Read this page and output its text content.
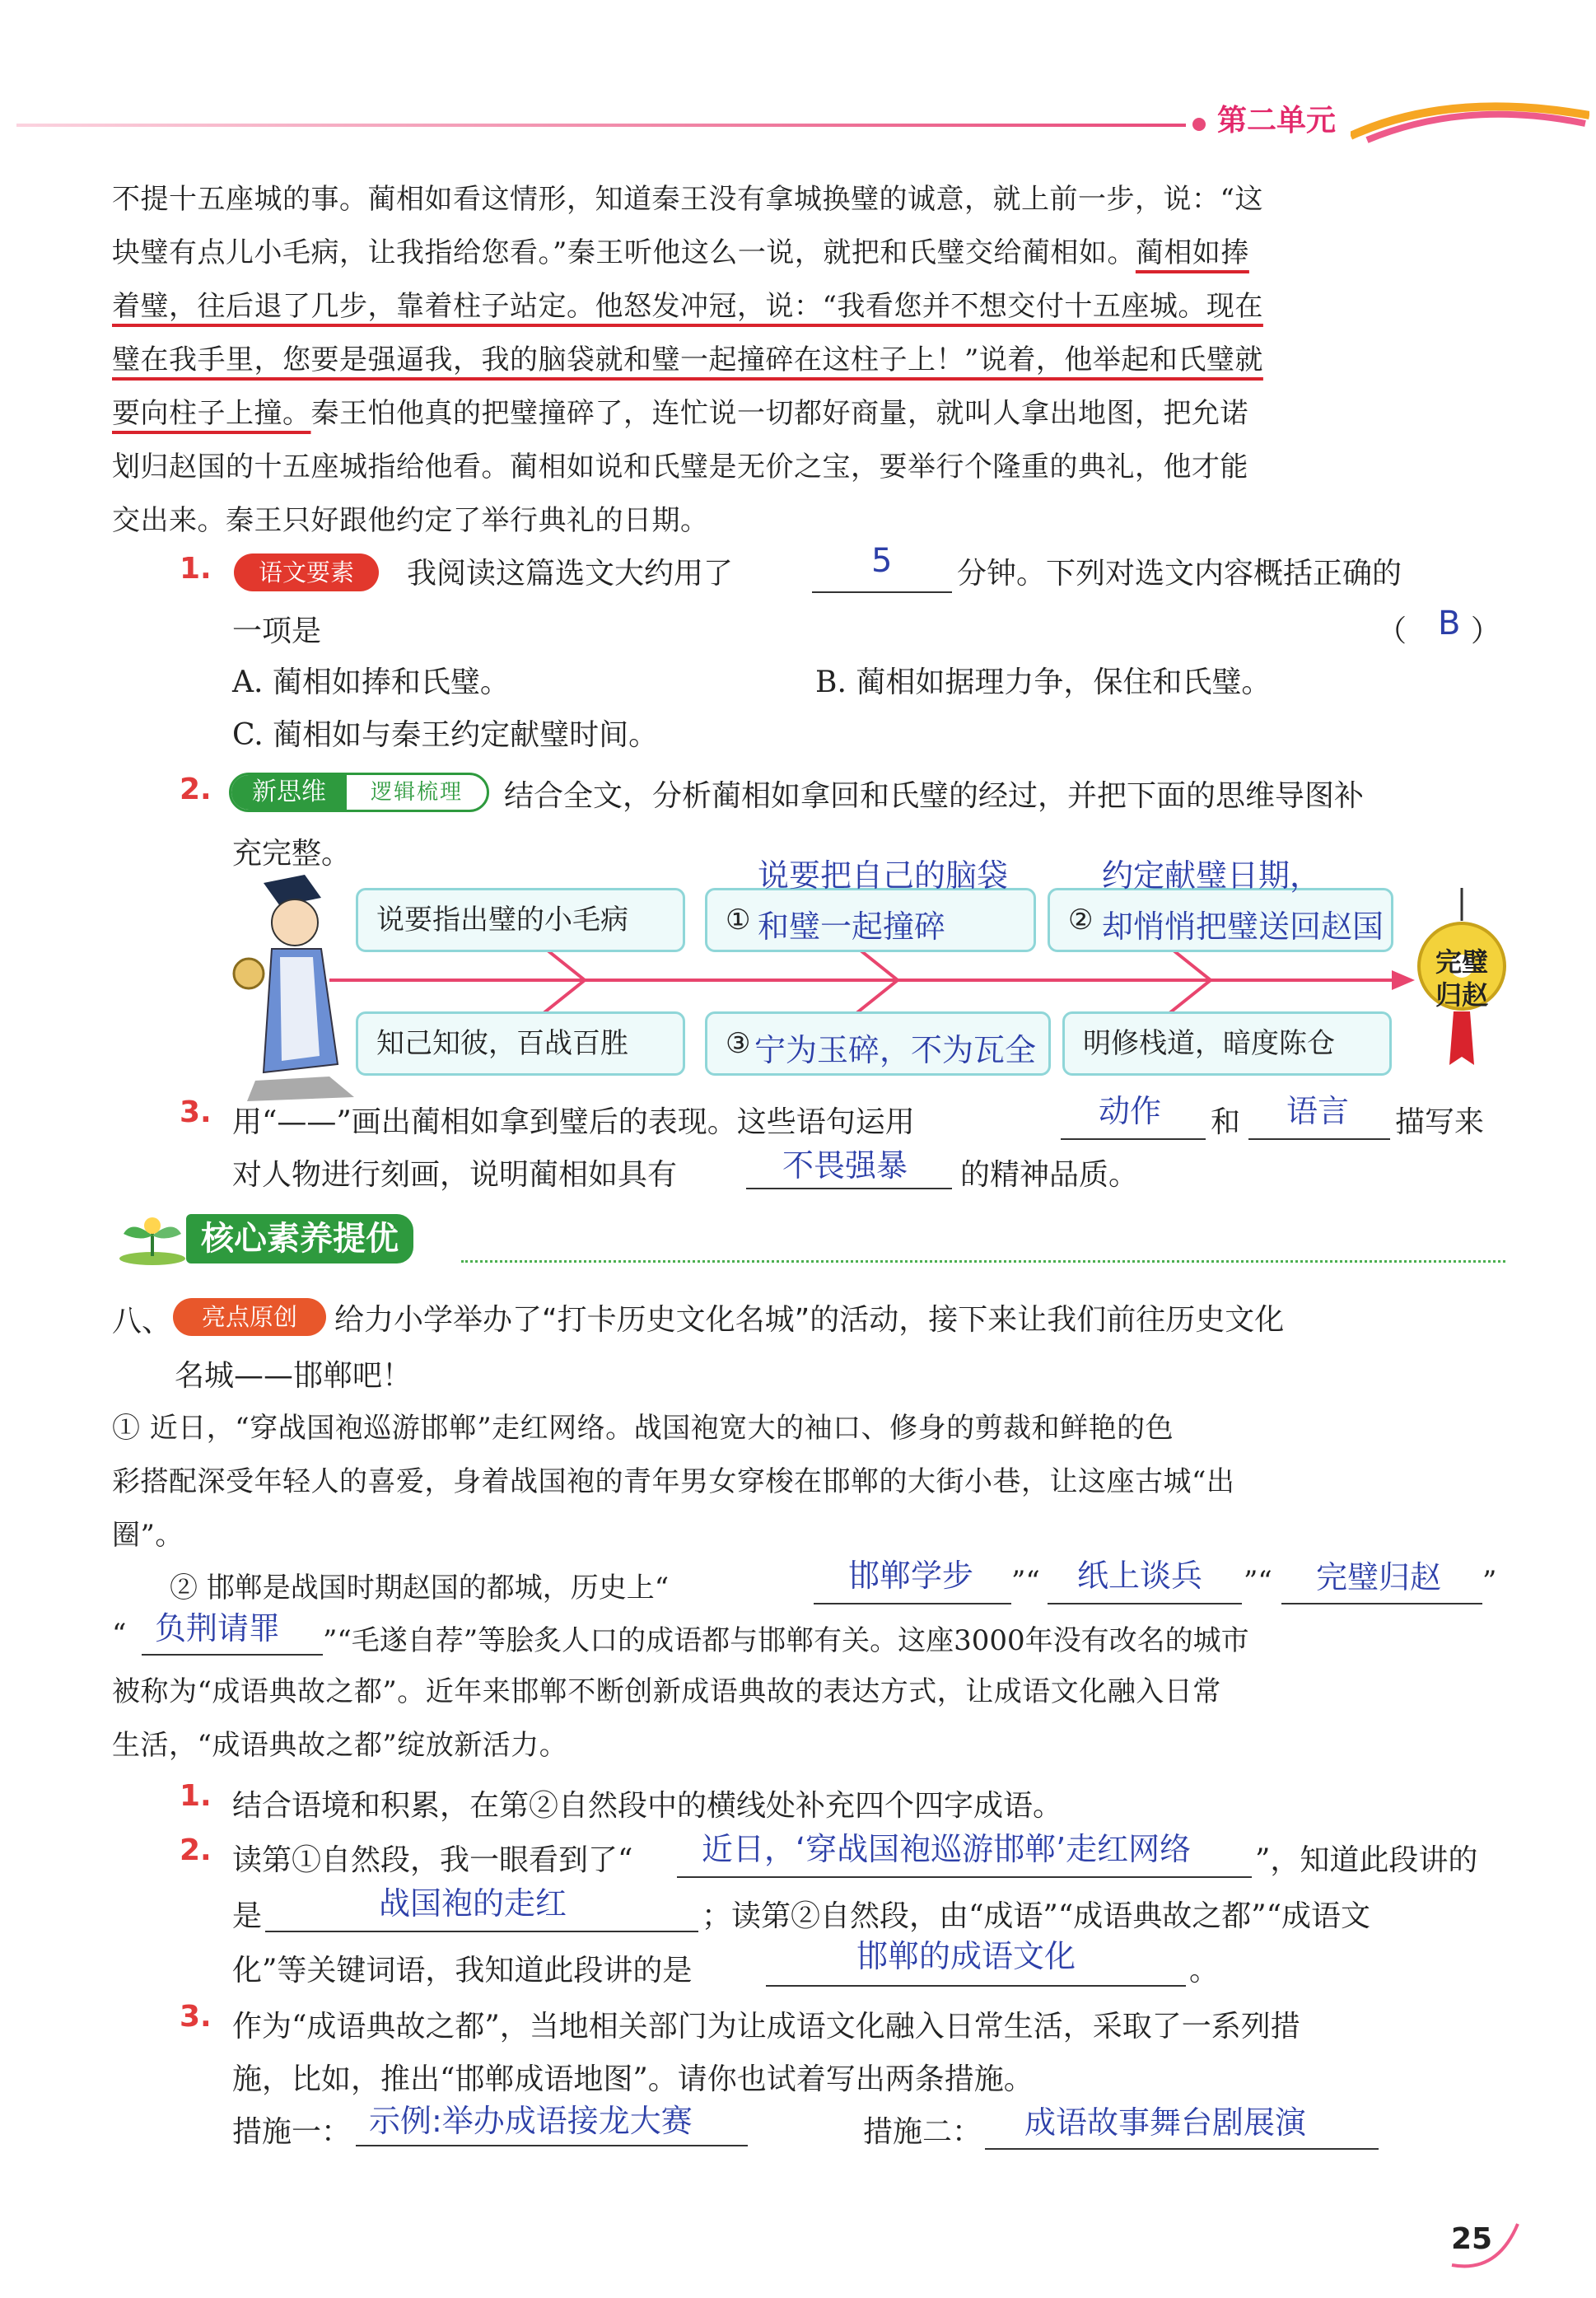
第二单元
不提十五座城的事。蔺相如看这情形，知道秦王没有拿城换璧的诚意，就上前一步，说：“这
块璧有点儿小毛病，让我指给您看。”秦王听他这么一说，就把和氏璧交给蔺相如。蔺相如捧
着璧，往后退了几步，靠着柱子站定。他怒发冲冠，说：“我看您并不想交付十五座城。现在
璧在我手里，您要是强逼我，我的脑袋就和璧一起撞碎在这柱子上！”说着，他举起和氏璧就
要向柱子上撞。秦王怕他真的把璧撞碎了，连忙说一切都好商量，就叫人拿出地图，把允诺
划归赵国的十五座城指给他看。蔺相如说和氏璧是无价之宝，要举行个隆重的典礼，他才能
交出来。秦王只好跟他约定了举行典礼的日期。
1.	语文要素	我阅读这篇选文大约用了	5 分钟。下列对选文内容概括正确的
一项是	（ B ）
A. 蔺相如捧和氏璧。	B. 蔺相如据理力争，保住和氏璧。
C. 蔺相如与秦王约定献璧时间。
2.	新思维	逻辑梳理	结合全文，分析蔺相如拿回和氏璧的经过，并把下面的思维导图补
充完整。
说要指出璧的小毛病	①
说要把自己的脑袋
和璧一起撞碎	②
约定献璧日期，
却悄悄把璧送回赵国
知己知彼，百战百胜	③ 宁为玉碎，不为瓦全	明修栈道，暗度陈仓
完璧归赵
3. 用“——”画出蔺相如拿到璧后的表现。这些语句运用	动作 和 语言 描写来
对人物进行刻画，说明蔺相如具有	不畏强暴 的精神品质。
核心素养提优
八、	亮点原创	给力小学举办了“打卡历史文化名城”的活动，接下来让我们前往历史文化
名城——邯郸吧！
① 近日，“穿战国袍巡游邯郸”走红网络。战国袍宽大的袖口、修身的剪裁和鲜艳的色
彩搭配深受年轻人的喜爱，身着战国袍的青年男女穿梭在邯郸的大街小巷，让这座古城“出
圈”。
② 邯郸是战国时期赵国的都城，历史上“	邯郸学步 ”“ 纸上谈兵 ”“ 完璧归赵 ”
“ 负荆请罪 ”“毛遂自荐”等脍炙人口的成语都与邯郸有关。这座3000年没有改名的城市
被称为“成语典故之都”。近年来邯郸不断创新成语典故的表达方式，让成语文化融入日常
生活，“成语典故之都”绽放新活力。
1. 结合语境和积累，在第②自然段中的横线处补充四个四字成语。
2. 读第①自然段，我一眼看到了“ 近日，‘穿战国袍巡游邯郸’走红网络 ”，知道此段讲的
是	战国袍的走红	；读第②自然段，由“成语”“成语典故之都”“成语文
化”等关键词语，我知道此段讲的是	邯郸的成语文化	。
3. 作为“成语典故之都”，当地相关部门为让成语文化融入日常生活，采取了一系列措
施，比如，推出“邯郸成语地图”。请你也试着写出两条措施。
措施一： 示例:举办成语接龙大赛	措施二： 成语故事舞台剧展演
25
